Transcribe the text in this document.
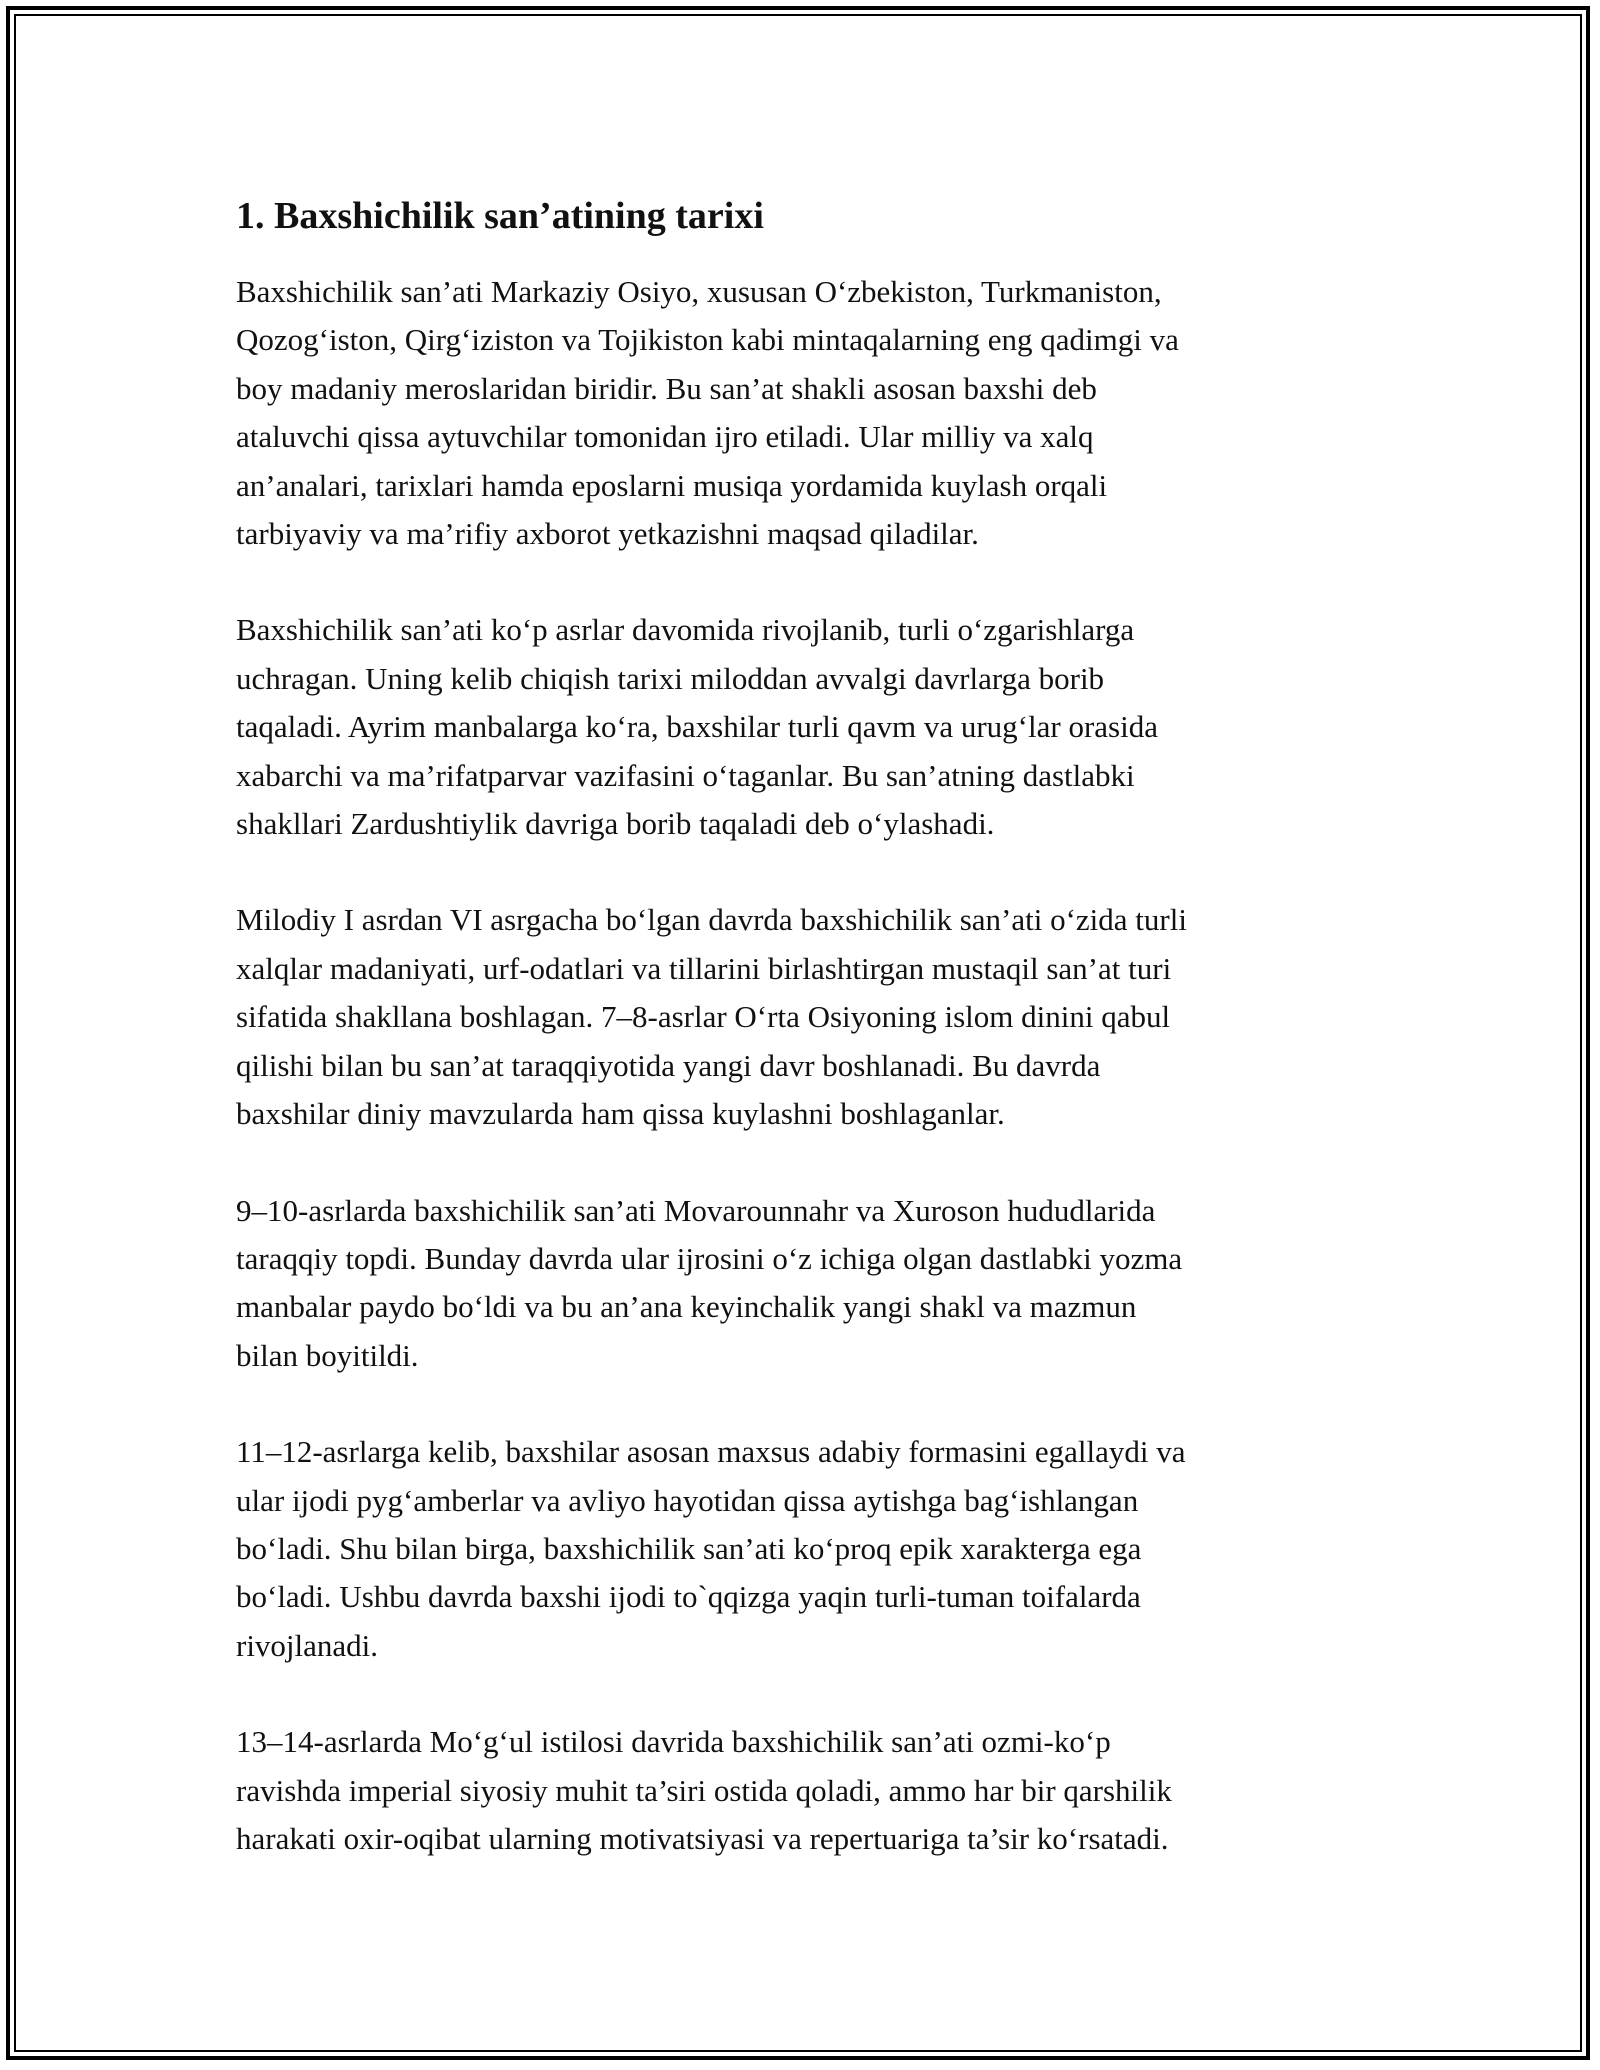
1. Baxshichilik san’atining tarixi

Baxshichilik san’ati Markaziy Osiyo, xususan O‘zbekiston, Turkmaniston,
Qozog‘iston, Qirg‘iziston va Tojikiston kabi mintaqalarning eng qadimgi va
boy madaniy meroslaridan biridir. Bu san’at shakli asosan baxshi deb
ataluvchi qissa aytuvchilar tomonidan ijro etiladi. Ular milliy va xalq
an’analari, tarixlari hamda eposlarni musiqa yordamida kuylash orqali
tarbiyaviy va ma’rifiy axborot yetkazishni maqsad qiladilar.

Baxshichilik san’ati ko‘p asrlar davomida rivojlanib, turli o‘zgarishlarga
uchragan. Uning kelib chiqish tarixi miloddan avvalgi davrlarga borib
taqaladi. Ayrim manbalarga ko‘ra, baxshilar turli qavm va urug‘lar orasida
xabarchi va ma’rifatparvar vazifasini o‘taganlar. Bu san’atning dastlabki
shakllari Zardushtiylik davriga borib taqaladi deb o‘ylashadi.

Milodiy I asrdan VI asrgacha bo‘lgan davrda baxshichilik san’ati o‘zida turli
xalqlar madaniyati, urf-odatlari va tillarini birlashtirgan mustaqil san’at turi
sifatida shakllana boshlagan. 7–8-asrlar O‘rta Osiyoning islom dinini qabul
qilishi bilan bu san’at taraqqiyotida yangi davr boshlanadi. Bu davrda
baxshilar diniy mavzularda ham qissa kuylashni boshlaganlar.

9–10-asrlarda baxshichilik san’ati Movarounnahr va Xuroson hududlarida
taraqqiy topdi. Bunday davrda ular ijrosini o‘z ichiga olgan dastlabki yozma
manbalar paydo bo‘ldi va bu an’ana keyinchalik yangi shakl va mazmun
bilan boyitildi.

11–12-asrlarga kelib, baxshilar asosan maxsus adabiy formasini egallaydi va
ular ijodi pyg‘amberlar va avliyo hayotidan qissa aytishga bag‘ishlangan
bo‘ladi. Shu bilan birga, baxshichilik san’ati ko‘proq epik xarakterga ega
bo‘ladi. Ushbu davrda baxshi ijodi to`qqizga yaqin turli-tuman toifalarda
rivojlanadi.

13–14-asrlarda Mo‘g‘ul istilosi davrida baxshichilik san’ati ozmi-ko‘p
ravishda imperial siyosiy muhit ta’siri ostida qoladi, ammo har bir qarshilik
harakati oxir-oqibat ularning motivatsiyasi va repertuariga ta’sir ko‘rsatadi.
